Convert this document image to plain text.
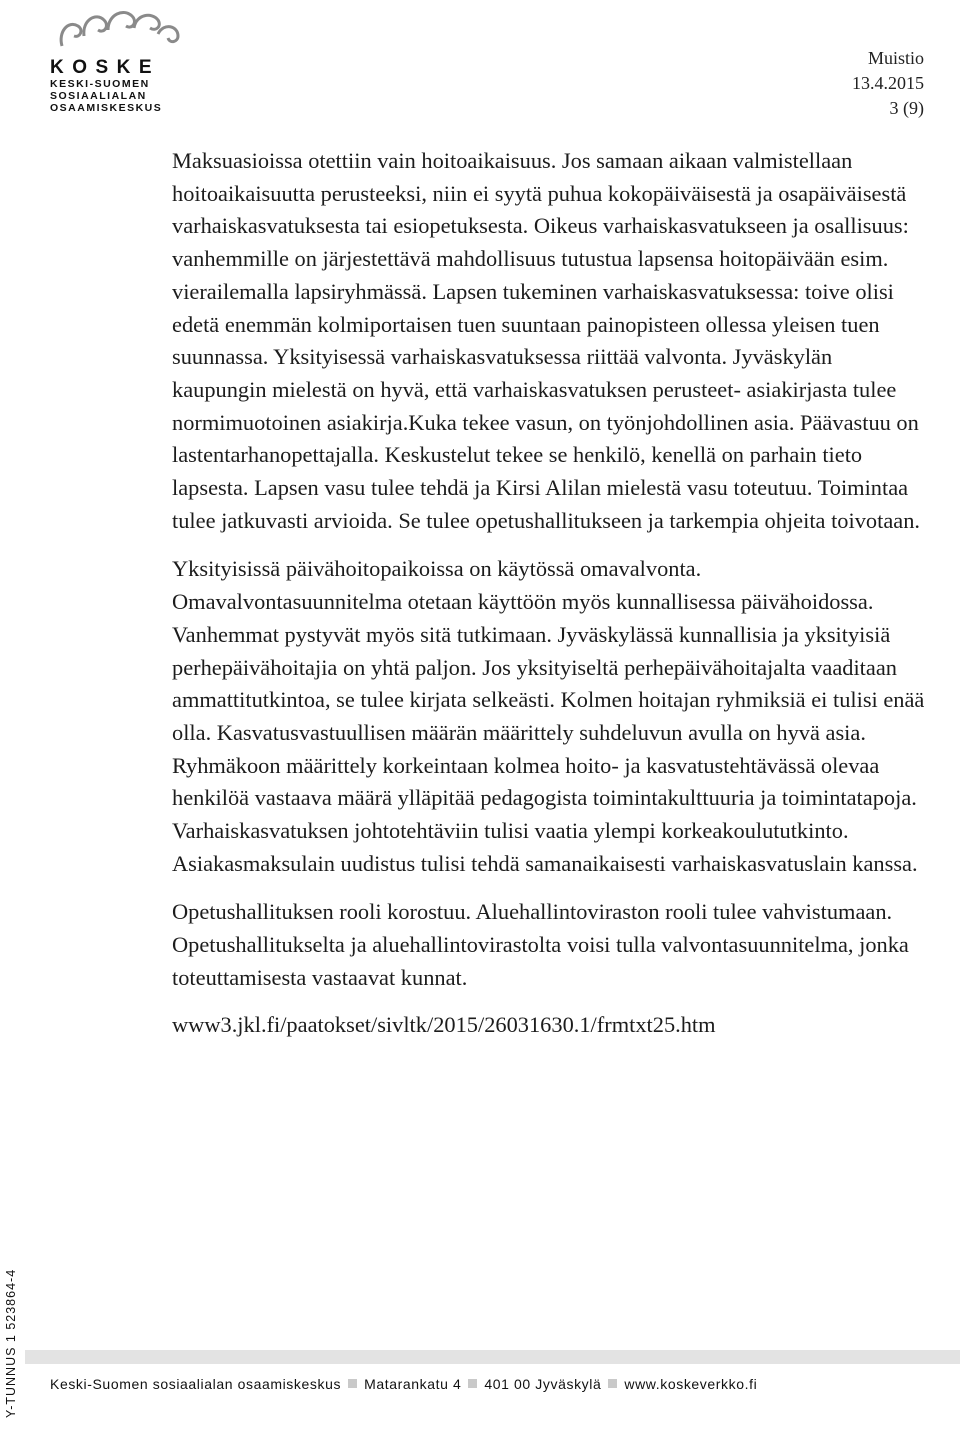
KOSKE
KESKI-SUOMEN
SOSIAALIALAN
OSAAMISKESKUS
Muistio
13.4.2015
3 (9)

Maksuasioissa otettiin vain hoitoaikaisuus. Jos samaan aikaan valmistellaan hoitoaikaisuutta perusteeksi, niin ei syytä puhua kokopäiväisestä ja osapäiväisestä varhaiskasvatuksesta tai esiopetuksesta. Oikeus varhaiskasvatukseen ja osallisuus: vanhemmille on järjestettävä mahdollisuus tutustua lapsensa hoitopäivään esim. vierailemalla lapsiryhmässä. Lapsen tukeminen varhaiskasvatuksessa: toive olisi edetä enemmän kolmiportaisen tuen suuntaan painopisteen ollessa yleisen tuen suunnassa. Yksityisessä varhaiskasvatuksessa riittää valvonta. Jyväskylän kaupungin mielestä on hyvä, että varhaiskasvatuksen perusteet- asiakirjasta tulee normimuotoinen asiakirja.Kuka tekee vasun, on työnjohdollinen asia. Päävastuu on lastentarhanopettajalla. Keskustelut tekee se henkilö, kenellä on parhain tieto lapsesta. Lapsen vasu tulee tehdä ja Kirsi Alilan mielestä vasu toteutuu. Toimintaa tulee jatkuvasti arvioida. Se tulee opetushallitukseen ja tarkempia ohjeita toivotaan.

Yksityisissä päivähoitopaikoissa on käytössä omavalvonta. Omavalvontasuunnitelma otetaan käyttöön myös kunnallisessa päivähoidossa. Vanhemmat pystyvät myös sitä tutkimaan. Jyväskylässä kunnallisia ja yksityisiä perhepäivähoitajia on yhtä paljon. Jos yksityiseltä perhepäivähoitajalta vaaditaan ammattitutkintoa, se tulee kirjata selkeästi. Kolmen hoitajan ryhmiksiä ei tulisi enää olla. Kasvatusvastuullisen määrän määrittely suhdeluvun avulla on hyvä asia. Ryhmäkoon määrittely korkeintaan kolmea hoito- ja kasvatustehtävässä olevaa henkilöä vastaava määrä ylläpitää pedagogista toimintakulttuuria ja toimintatapoja. Varhaiskasvatuksen johtotehtäviin tulisi vaatia ylempi korkeakoulututkinto. Asiakasmaksulain uudistus tulisi tehdä samanaikaisesti varhaiskasvatuslain kanssa.

Opetushallituksen rooli korostuu. Aluehallintoviraston rooli tulee vahvistumaan. Opetushallitukselta ja aluehallintovirastolta voisi tulla valvontasuunnitelma, jonka toteuttamisesta vastaavat kunnat.

www3.jkl.fi/paatokset/sivltk/2015/26031630.1/frmtxt25.htm

Y-TUNNUS 1 523864-4 Keski-Suomen sosiaalialan osaamiskeskus Matarankatu 4 401 00 Jyväskylä www.koskeverkko.fi
